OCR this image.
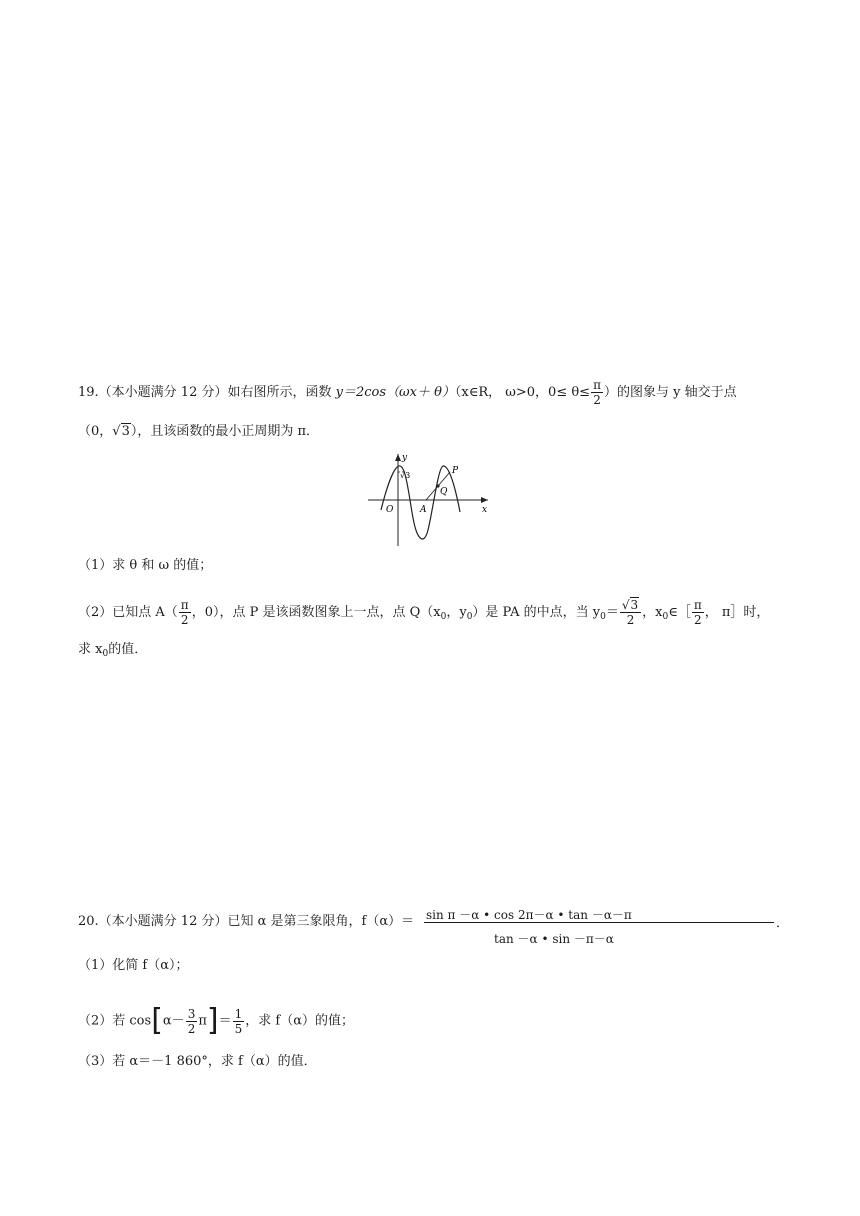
19.（本小题满分 12 分）如右图所示，函数 y＝2cos（ωx＋ θ）（x∈R， ω>0，$0\le \theta\le \frac{\pi}{2}$ ）的图象与 y 轴交于点
（0，√3），且该函数的最小正周期为 π．
y
x
O	A
P
Q
√3
（1）求 θ 和 ω 的值；
（2）已知点 $A( \frac{\pi}{2}$ ，0），点 P 是该函数图象上一点，点 $Q(x_0$，$y_0$）是 PA 的中点，当 $y_0= \frac{√3}{2}$ ，$x_0\in[ \frac{\pi}{2}$ ， π］时，
求 $x_0$的值．
20.（本小题满分 12 分）已知 α 是第三象限角，f（α）＝ sin π －α • cos 2π－α • tan －α－π
tan －α • sin －π－α
．
（1）化简 f（α）；
（2）若 $\cos[\alpha- \frac{3}{2} \pi]= \frac{1}{5}$ ，求 f（α）的值；
（3）若 α＝－1 860°，求 f（α）的值．
